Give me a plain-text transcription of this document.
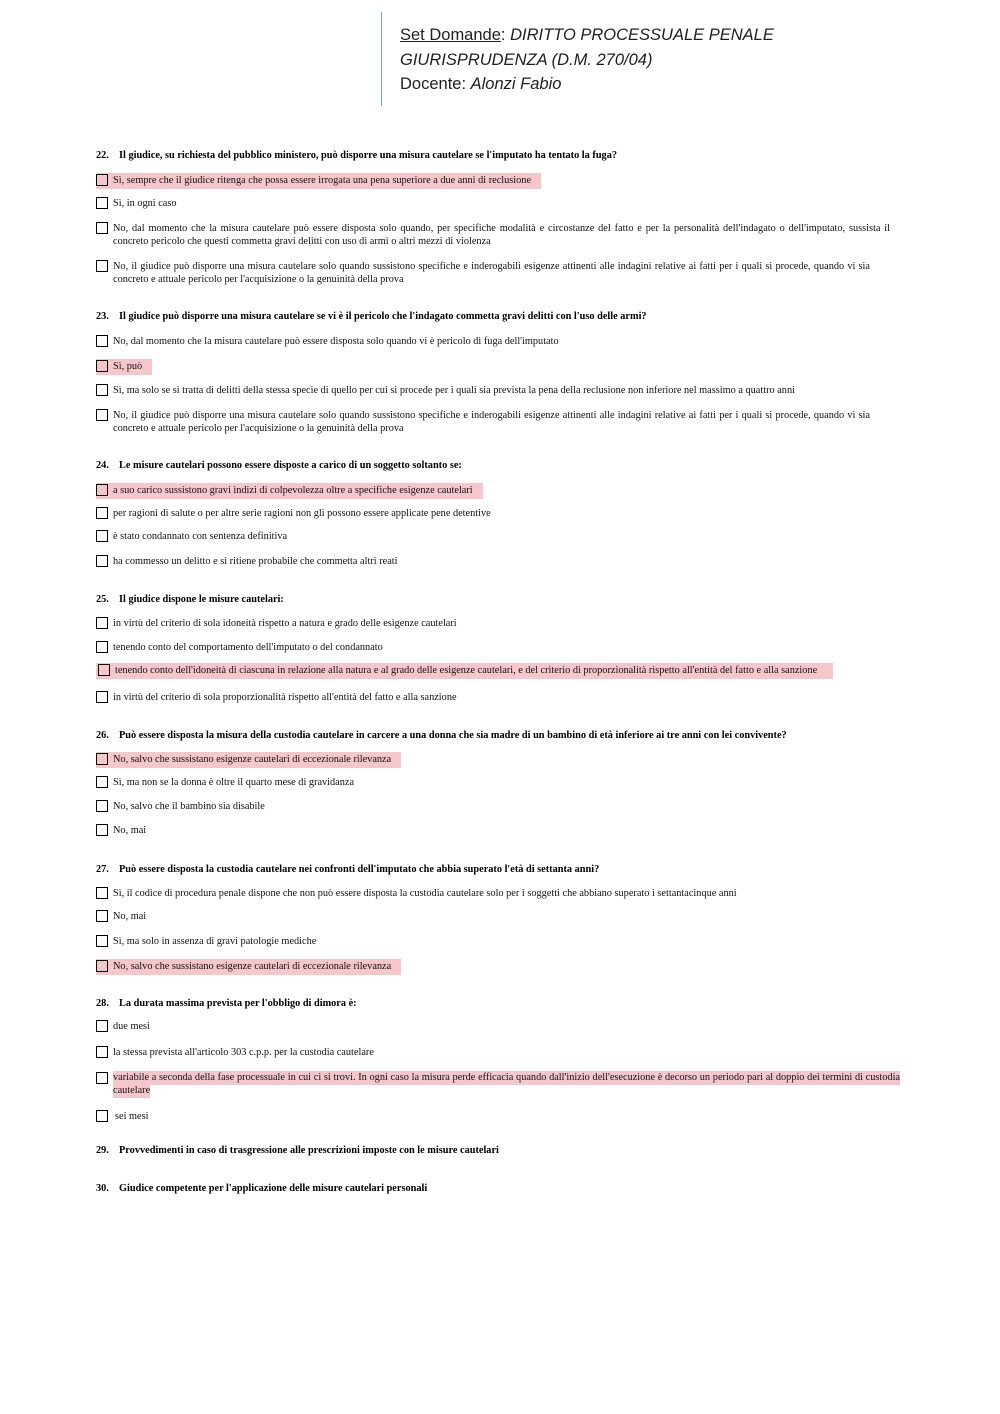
Set Domande: DIRITTO PROCESSUALE PENALE
GIURISPRUDENZA (D.M. 270/04)
Docente: Alonzi Fabio
22. Il giudice, su richiesta del pubblico ministero, può disporre una misura cautelare se l'imputato ha tentato la fuga?
Sì, sempre che il giudice ritenga che possa essere irrogata una pena superiore a due anni di reclusione
Sì, in ogni caso
No, dal momento che la misura cautelare può essere disposta solo quando, per specifiche modalità e circostanze del fatto e per la personalità dell'indagato o dell'imputato, sussista il concreto pericolo che questi commetta gravi delitti con uso di armi o altri mezzi di violenza
No, il giudice può disporre una misura cautelare solo quando sussistono specifiche e inderogabili esigenze attinenti alle indagini relative ai fatti per i quali si procede, quando vi sia concreto e attuale pericolo per l'acquisizione o la genuinità della prova
23. Il giudice può disporre una misura cautelare se vi è il pericolo che l'indagato commetta gravi delitti con l'uso delle armi?
No, dal momento che la misura cautelare può essere disposta solo quando vi è pericolo di fuga dell'imputato
Sì, può
Sì, ma solo se si tratta di delitti della stessa specie di quello per cui si procede per i quali sia prevista la pena della reclusione non inferiore nel massimo a quattro anni
No, il giudice può disporre una misura cautelare solo quando sussistono specifiche e inderogabili esigenze attinenti alle indagini relative ai fatti per i quali si procede, quando vi sia concreto e attuale pericolo per l'acquisizione o la genuinità della prova
24. Le misure cautelari possono essere disposte a carico di un soggetto soltanto se:
a suo carico sussistono gravi indizi di colpevolezza oltre a specifiche esigenze cautelari
per ragioni di salute o per altre serie ragioni non gli possono essere applicate pene detentive
è stato condannato con sentenza definitiva
ha commesso un delitto e si ritiene probabile che commetta altri reati
25. Il giudice dispone le misure cautelari:
in virtù del criterio di sola idoneità rispetto a natura e grado delle esigenze cautelari
tenendo conto del comportamento dell'imputato o del condannato
tenendo conto dell'idoneità di ciascuna in relazione alla natura e al grado delle esigenze cautelari, e del criterio di proporzionalità rispetto all'entità del fatto e alla sanzione
in virtù del criterio di sola proporzionalità rispetto all'entità del fatto e alla sanzione
26. Può essere disposta la misura della custodia cautelare in carcere a una donna che sia madre di un bambino di età inferiore ai tre anni con lei convivente?
No, salvo che sussistano esigenze cautelari di eccezionale rilevanza
Sì, ma non se la donna è oltre il quarto mese di gravidanza
No, salvo che il bambino sia disabile
No, mai
27. Può essere disposta la custodia cautelare nei confronti dell'imputato che abbia superato l'età di settanta anni?
Sì, il codice di procedura penale dispone che non può essere disposta la custodia cautelare solo per i soggetti che abbiano superato i settantacinque anni
No, mai
Sì, ma solo in assenza di gravi patologie mediche
No, salvo che sussistano esigenze cautelari di eccezionale rilevanza
28. La durata massima prevista per l'obbligo di dimora è:
due mesi
la stessa prevista all'articolo 303 c.p.p. per la custodia cautelare
variabile a seconda della fase processuale in cui ci si trovi. In ogni caso la misura perde efficacia quando dall'inizio dell'esecuzione è decorso un periodo pari al doppio dei termini di custodia cautelare
sei mesi
29. Provvedimenti in caso di trasgressione alle prescrizioni imposte con le misure cautelari
30. Giudice competente per l'applicazione delle misure cautelari personali
